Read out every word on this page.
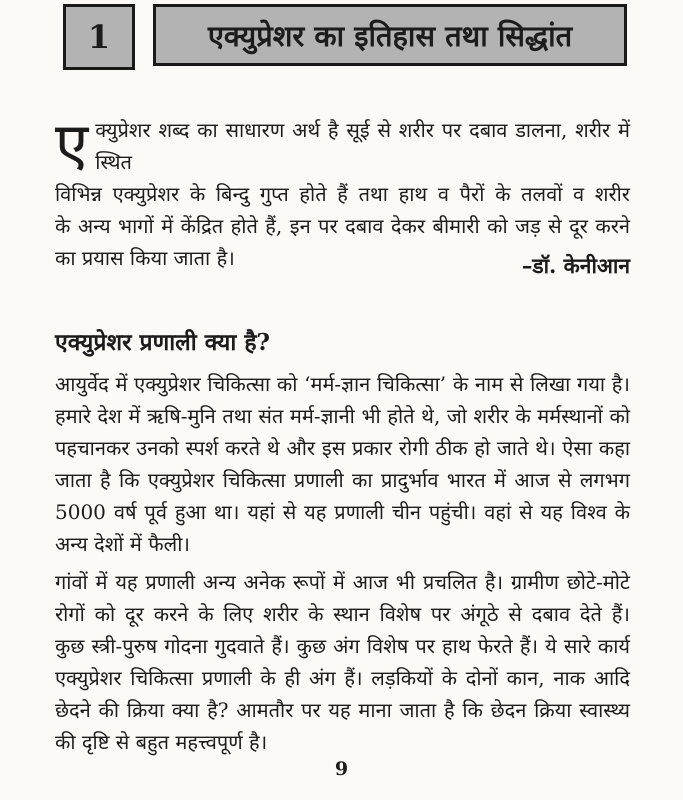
1	एक्युप्रेशर का इतिहास तथा सिद्धांत
ए क्युप्रेशर शब्द का साधारण अर्थ है सूई से शरीर पर दबाव डालना, शरीर में स्थित
विभिन्न एक्युप्रेशर के बिन्दु गुप्त होते हैं तथा हाथ व पैरों के तलवों व शरीर
के अन्य भागों में केंद्रित होते हैं, इन पर दबाव देकर बीमारी को जड़ से दूर करने
का प्रयास किया जाता है।	–डॉ. केनीआन
एक्युप्रेशर प्रणाली क्या है?
आयुर्वेद में एक्युप्रेशर चिकित्सा को ‘मर्म-ज्ञान चिकित्सा’ के नाम से लिखा गया है।
हमारे देश में ऋषि-मुनि तथा संत मर्म-ज्ञानी भी होते थे, जो शरीर के मर्मस्थानों को
पहचानकर उनको स्पर्श करते थे और इस प्रकार रोगी ठीक हो जाते थे। ऐसा कहा
जाता है कि एक्युप्रेशर चिकित्सा प्रणाली का प्रादुर्भाव भारत में आज से लगभग
5000 वर्ष पूर्व हुआ था। यहां से यह प्रणाली चीन पहुंची। वहां से यह विश्व के
अन्य देशों में फैली।
गांवों में यह प्रणाली अन्य अनेक रूपों में आज भी प्रचलित है। ग्रामीण छोटे-मोटे
रोगों को दूर करने के लिए शरीर के स्थान विशेष पर अंगूठे से दबाव देते हैं।
कुछ स्त्री-पुरुष गोदना गुदवाते हैं। कुछ अंग विशेष पर हाथ फेरते हैं। ये सारे कार्य
एक्युप्रेशर चिकित्सा प्रणाली के ही अंग हैं। लड़कियों के दोनों कान, नाक आदि
छेदने की क्रिया क्या है? आमतौर पर यह माना जाता है कि छेदन क्रिया स्वास्थ्य
की दृष्टि से बहुत महत्त्वपूर्ण है।
9
